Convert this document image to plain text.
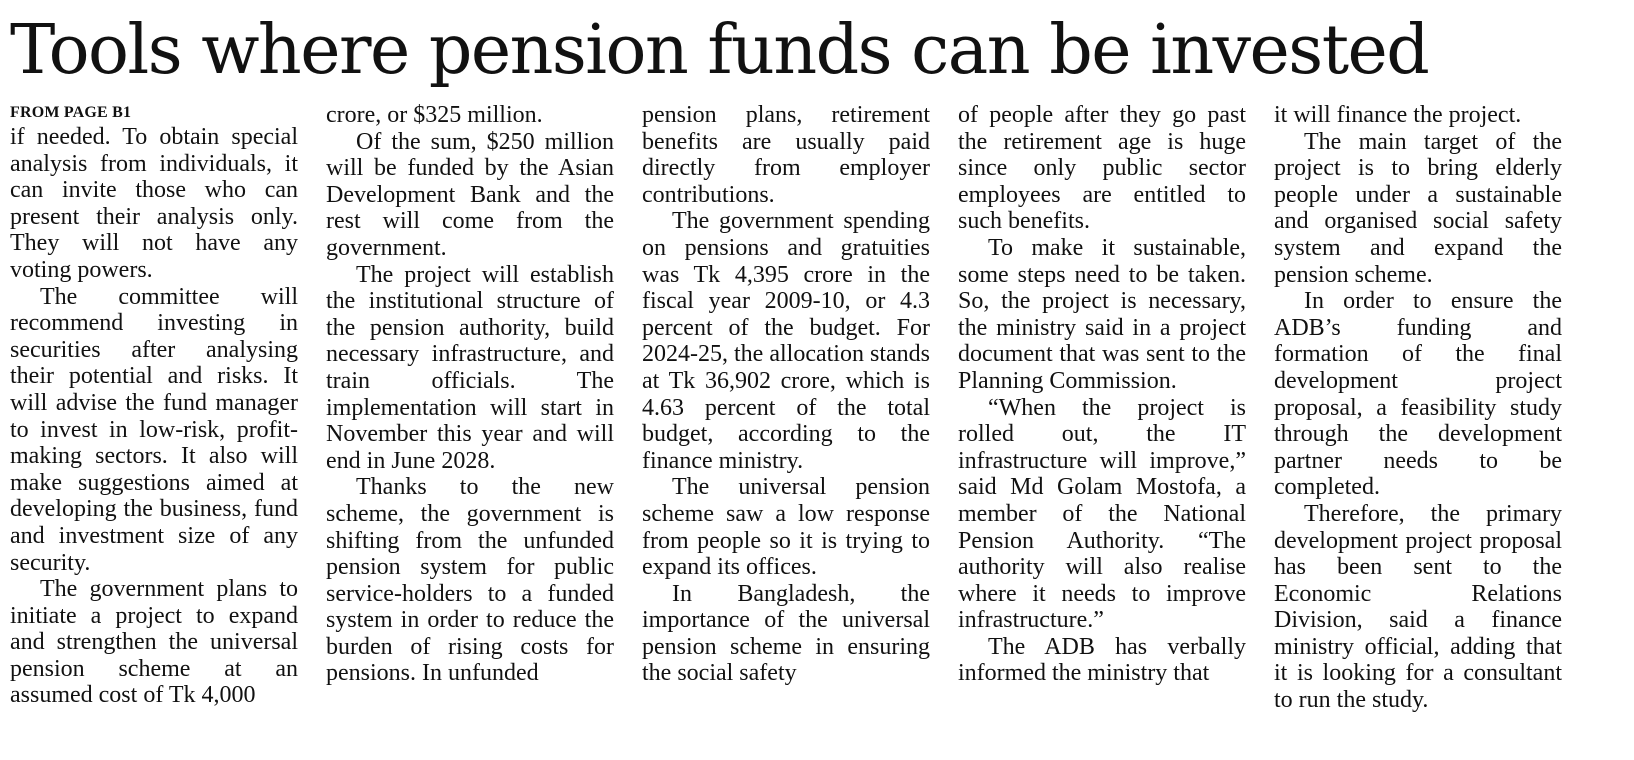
Tools where pension funds can be invested
FROM PAGE B1

if needed. To obtain special analysis from individuals, it can invite those who can present their analysis only. They will not have any voting powers.

The committee will recommend investing in securities after analysing their potential and risks. It will advise the fund manager to invest in low-risk, profit-making sectors. It also will make suggestions aimed at developing the business, fund and investment size of any security.

The government plans to initiate a project to expand and strengthen the universal pension scheme at an assumed cost of Tk 4,000

crore, or $325 million.

Of the sum, $250 million will be funded by the Asian Development Bank and the rest will come from the government.

The project will establish the institutional structure of the pension authority, build necessary infrastructure, and train officials. The implementation will start in November this year and will end in June 2028.

Thanks to the new scheme, the government is shifting from the unfunded pension system for public service-holders to a funded system in order to reduce the burden of rising costs for pensions. In unfunded

pension plans, retirement benefits are usually paid directly from employer contributions.

The government spending on pensions and gratuities was Tk 4,395 crore in the fiscal year 2009-10, or 4.3 percent of the budget. For 2024-25, the allocation stands at Tk 36,902 crore, which is 4.63 percent of the total budget, according to the finance ministry.

The universal pension scheme saw a low response from people so it is trying to expand its offices.

In Bangladesh, the importance of the universal pension scheme in ensuring the social safety

of people after they go past the retirement age is huge since only public sector employees are entitled to such benefits.

To make it sustainable, some steps need to be taken. So, the project is necessary, the ministry said in a project document that was sent to the Planning Commission.

“When the project is rolled out, the IT infrastructure will improve,” said Md Golam Mostofa, a member of the National Pension Authority. “The authority will also realise where it needs to improve infrastructure.”

The ADB has verbally informed the ministry that

it will finance the project.

The main target of the project is to bring elderly people under a sustainable and organised social safety system and expand the pension scheme.

In order to ensure the ADB’s funding and formation of the final development project proposal, a feasibility study through the development partner needs to be completed.

Therefore, the primary development project proposal has been sent to the Economic Relations Division, said a finance ministry official, adding that it is looking for a consultant to run the study.
